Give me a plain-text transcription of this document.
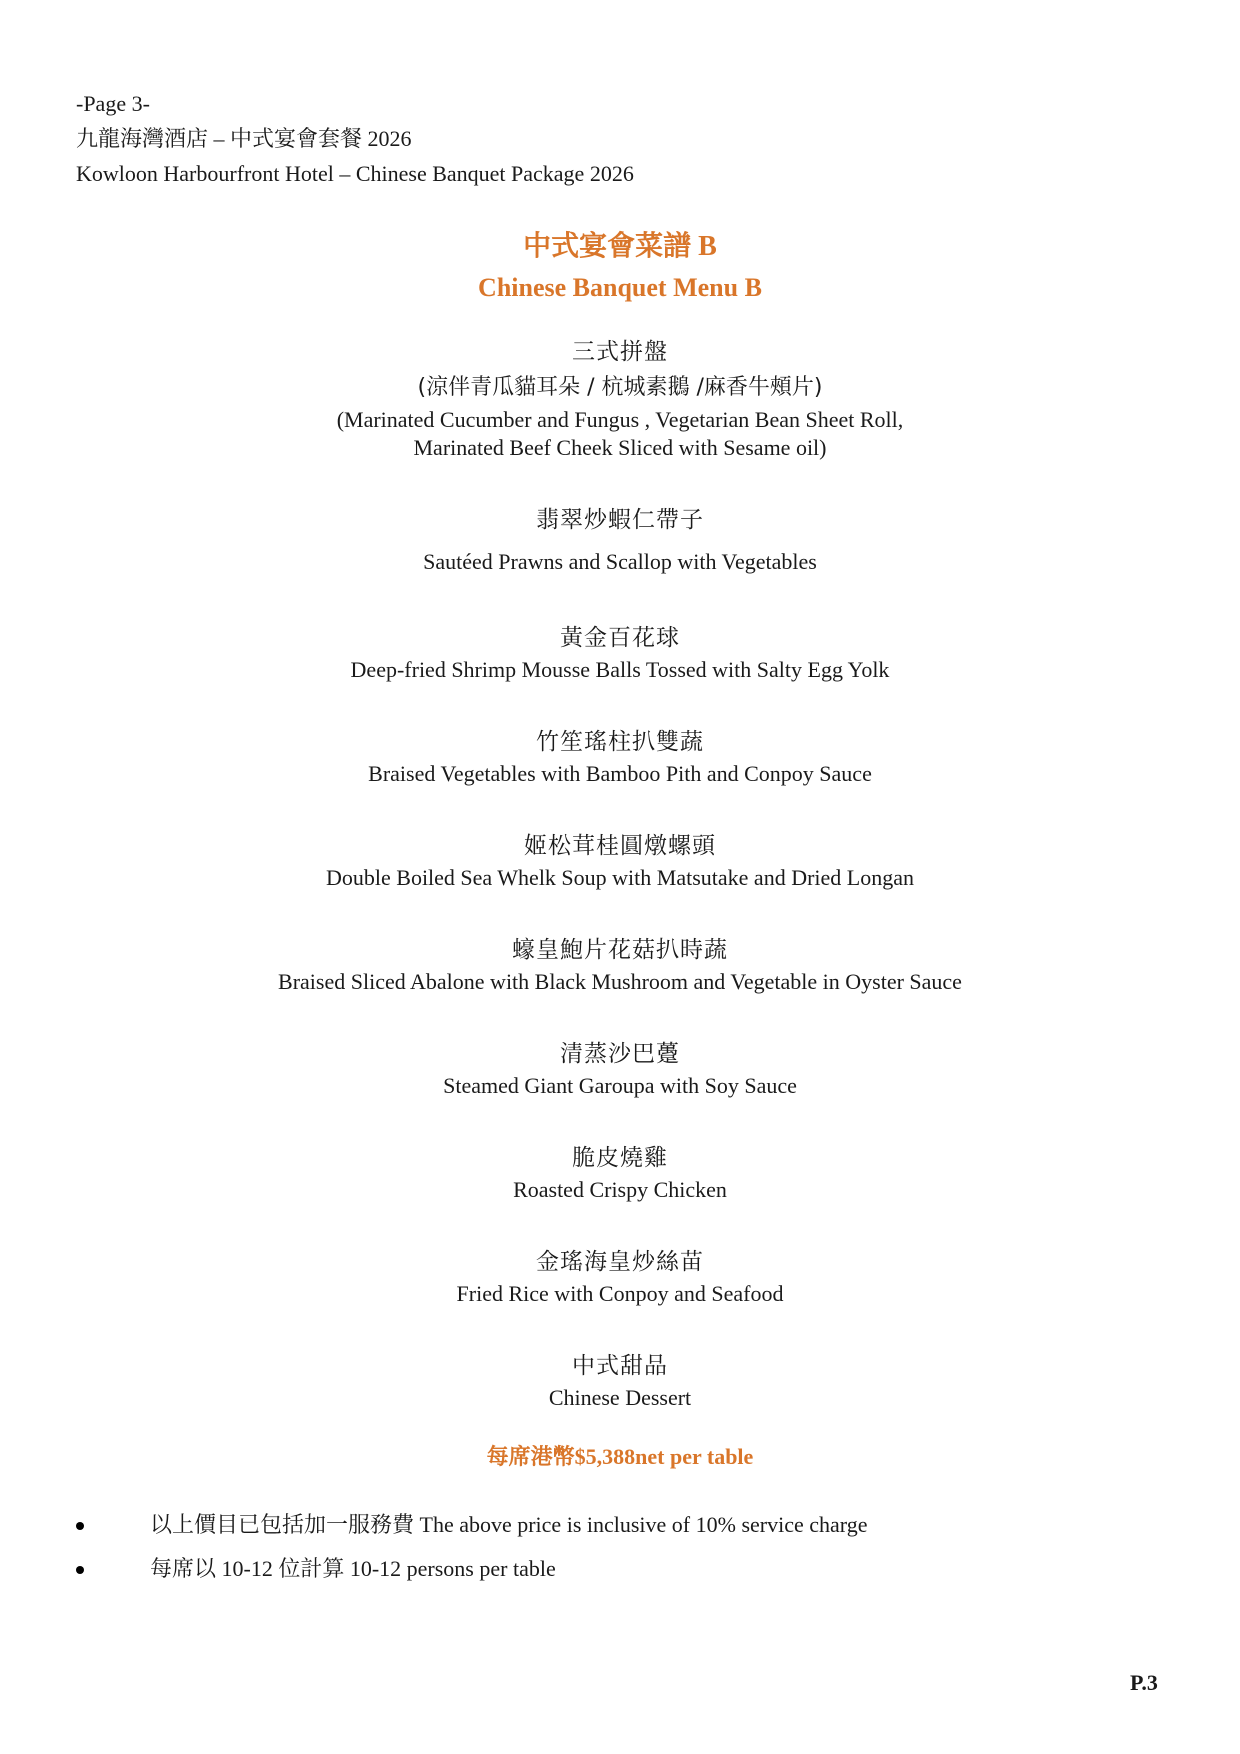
-Page 3-
九龍海灣酒店 – 中式宴會套餐 2026
Kowloon Harbourfront Hotel – Chinese Banquet Package 2026
中式宴會菜譜 B
Chinese Banquet Menu B
三式拼盤
(涼伴青瓜貓耳朵 / 杭城素鵝 /麻香牛頰片)
(Marinated Cucumber and Fungus , Vegetarian Bean Sheet Roll,
Marinated Beef Cheek Sliced with Sesame oil)
翡翠炒蝦仁帶子
Sautéed Prawns and Scallop with Vegetables
黃金百花球
Deep-fried Shrimp Mousse Balls Tossed with Salty Egg Yolk
竹笙瑤柱扒雙蔬
Braised Vegetables with Bamboo Pith and Conpoy Sauce
姬松茸桂圓燉螺頭
Double Boiled Sea Whelk Soup with Matsutake and Dried Longan
蠔皇鮑片花菇扒時蔬
Braised Sliced Abalone with Black Mushroom and Vegetable in Oyster Sauce
清蒸沙巴躉
Steamed Giant Garoupa with Soy Sauce
脆皮燒雞
Roasted Crispy Chicken
金瑤海皇炒絲苗
Fried Rice with Conpoy and Seafood
中式甜品
Chinese Dessert
每席港幣$5,388net per table
以上價目已包括加一服務費 The above price is inclusive of 10% service charge
每席以 10-12 位計算 10-12 persons per table
P.3
